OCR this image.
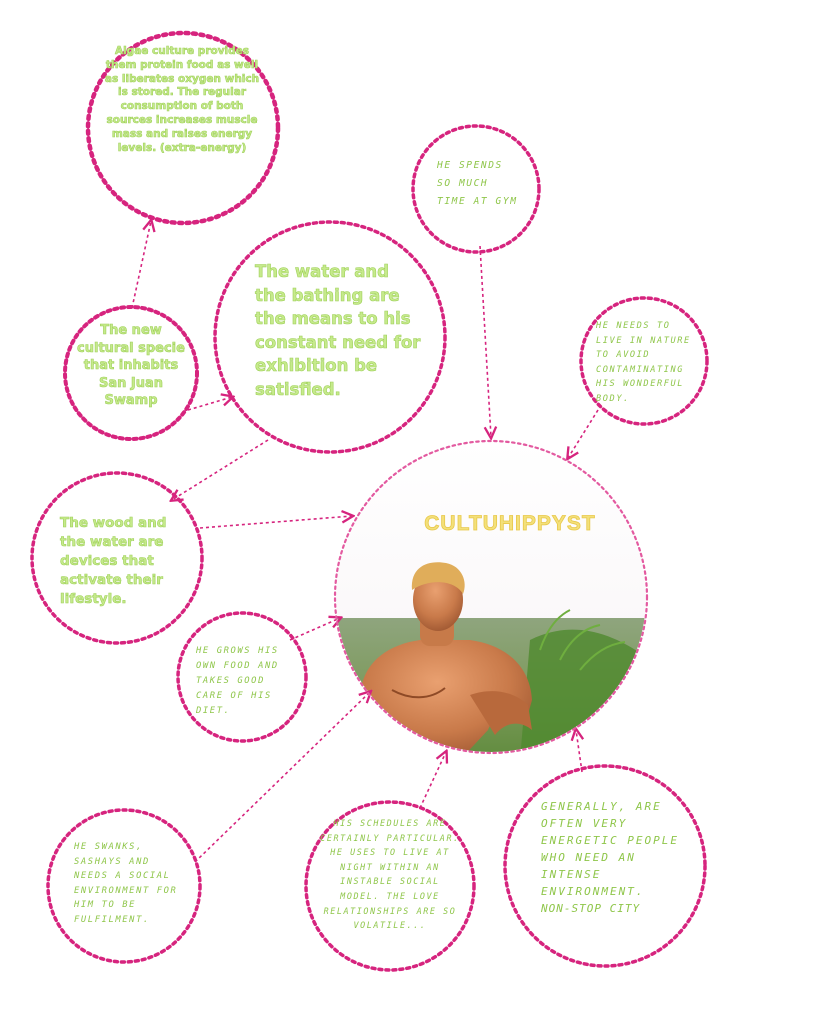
CULTUHIPPYST
Algae culture provides them protein food as well as liberates oxygen which is stored. The regular consumption of both sources increases muscle mass and raises energy levels. (extra-energy)
HE SPENDS SO MUCH TIME AT GYM
The water and the bathing are the means to his constant need for exhibition be satisfied.
The new cultural specie that inhabits San Juan Swamp
HE NEEDS TO LIVE IN NATURE TO AVOID CONTAMINATING HIS WONDERFUL BODY.
The wood and the water are devices that activate their lifestyle.
HE GROWS HIS OWN FOOD AND TAKES GOOD CARE OF HIS DIET.
HE SWANKS, SASHAYS AND NEEDS A SOCIAL ENVIRONMENT FOR HIM TO BE FULFILMENT.
HIS SCHEDULES ARE CERTAINLY PARTICULAR. HE USES TO LIVE AT NIGHT WITHIN AN INSTABLE SOCIAL MODEL. THE LOVE RELATIONSHIPS ARE SO VOLATILE...
GENERALLY, ARE OFTEN VERY ENERGETIC PEOPLE WHO NEED AN INTENSE ENVIRONMENT. NON-STOP CITY
